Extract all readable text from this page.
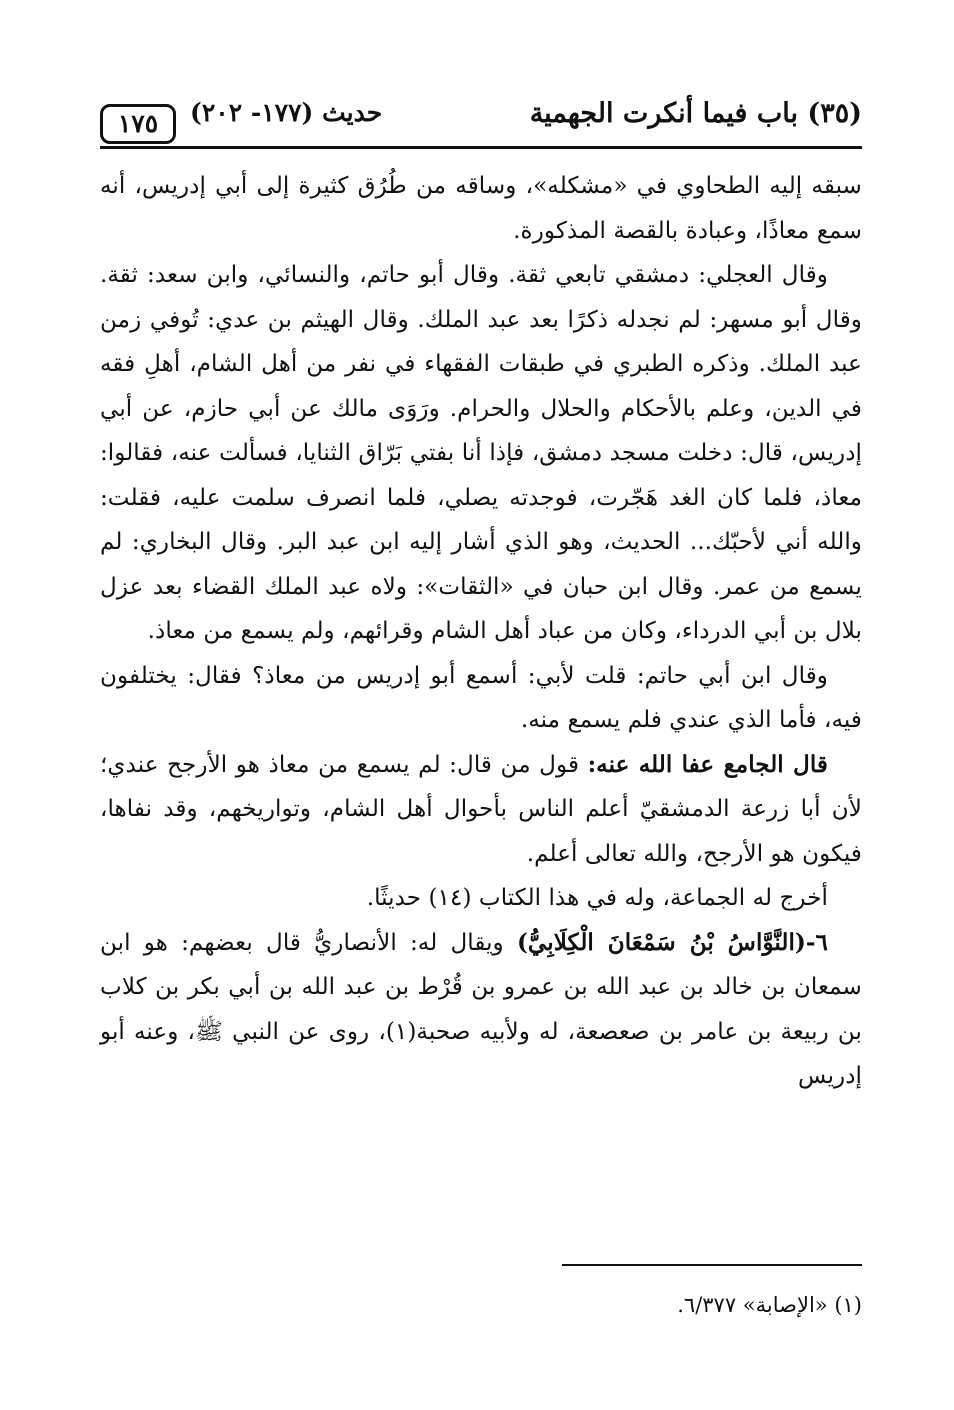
(٣٥) باب فيما أنكرت الجهمية
حديث (١٧٧- ٢٠٢)
١٧٥

سبقه إليه الطحاوي في «مشكله»، وساقه من طُرُق كثيرة إلى أبي إدريس، أنه سمع معاذًا، وعبادة بالقصة المذكورة.

وقال العجلي: دمشقي تابعي ثقة. وقال أبو حاتم، والنسائي، وابن سعد: ثقة. وقال أبو مسهر: لم نجدله ذكرًا بعد عبد الملك. وقال الهيثم بن عدي: تُوفي زمن عبد الملك. وذكره الطبري في طبقات الفقهاء في نفر من أهل الشام، أهلِ فقه في الدين، وعلم بالأحكام والحلال والحرام. ورَوَى مالك عن أبي حازم، عن أبي إدريس، قال: دخلت مسجد دمشق، فإذا أنا بفتي بَرّاق الثنايا، فسألت عنه، فقالوا: معاذ، فلما كان الغد هَجّرت، فوجدته يصلي، فلما انصرف سلمت عليه، فقلت: والله أني لأحبّك... الحديث، وهو الذي أشار إليه ابن عبد البر. وقال البخاري: لم يسمع من عمر. وقال ابن حبان في «الثقات»: ولاه عبد الملك القضاء بعد عزل بلال بن أبي الدرداء، وكان من عباد أهل الشام وقرائهم، ولم يسمع من معاذ.

وقال ابن أبي حاتم: قلت لأبي: أسمع أبو إدريس من معاذ؟ فقال: يختلفون فيه، فأما الذي عندي فلم يسمع منه.

قال الجامع عفا الله عنه: قول من قال: لم يسمع من معاذ هو الأرجح عندي؛ لأن أبا زرعة الدمشقيّ أعلم الناس بأحوال أهل الشام، وتواريخهم، وقد نفاها، فيكون هو الأرجح، والله تعالى أعلم.

أخرج له الجماعة، وله في هذا الكتاب (١٤) حديثًا.

٦-(النَّوَّاسُ بْنُ سَمْعَانَ الْكِلَابِيُّ) ويقال له: الأنصاريُّ قال بعضهم: هو ابن سمعان بن خالد بن عبد الله بن عمرو بن قُرْط بن عبد الله بن أبي بكر بن كلاب بن ربيعة بن عامر بن صعصعة، له ولأبيه صحبة(١)، روى عن النبي ﷺ، وعنه أبو إدريس

(١) «الإصابة» ٦/٣٧٧.
